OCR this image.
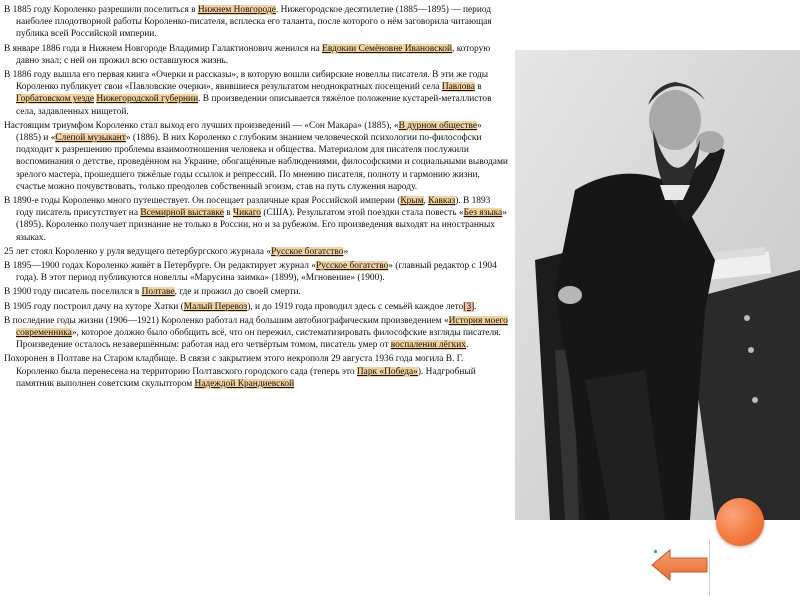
В 1885 году Короленко разрешили поселиться в Нижнем Новгороде. Нижегородское десятилетие (1885—1895) — период наиболее плодотворной работы Короленко-писателя, всплеска его таланта, после которого о нём заговорила читающая публика всей Российской империи.

В январе 1886 года в Нижнем Новгороде Владимир Галактионович женился на Евдокии Семёновне Ивановской, которую давно знал; с ней он прожил всю оставшуюся жизнь.

В 1886 году вышла его первая книга «Очерки и рассказы», в которую вошли сибирские новеллы писателя. В эти же годы Короленко публикует свои «Павловские очерки», явившиеся результатом неоднократных посещений села Павлова в Горбатовском уезде Нижегородской губернии. В произведении описывается тяжёлое положение кустарей-металлистов села, задавленных нищетой.

Настоящим триумфом Короленко стал выход его лучших произведений — «Сон Макара» (1885), «В дурном обществе» (1885) и «Слепой музыкант» (1886). В них Короленко с глубоким знанием человеческой психологии по-философски подходит к разрешению проблемы взаимоотношения человека и общества. Материалом для писателя послужили воспоминания о детстве, проведённом на Украине, обогащённые наблюдениями, философскими и социальными выводами зрелого мастера, прошедшего тяжёлые годы ссылок и репрессий. По мнению писателя, полноту и гармонию жизни, счастье можно почувствовать, только преодолев собственный эгоизм, став на путь служения народу.

В 1890-е годы Короленко много путешествует. Он посещает различные края Российской империи (Крым, Кавказ). В 1893 году писатель присутствует на Всемирной выставке в Чикаго (США). Результатом этой поездки стала повесть «Без языка» (1895). Короленко получает признание не только в России, но и за рубежом. Его произведения выходят на иностранных языках.

25 лет стоял Короленко у руля ведущего петербургского журнала «Русское богатство»

В 1895—1900 годах Короленко живёт в Петербурге. Он редактирует журнал «Русское богатство» (главный редактор с 1904 года). В этот период публикуются новеллы «Марусина заимка» (1899), «Мгновение» (1900).

В 1900 году писатель поселился в Полтаве, где и прожил до своей смерти.

В 1905 году построил дачу на хуторе Хатки (Малый Перевоз), и до 1919 года проводил здесь с семьёй каждое лето[3].

В последние годы жизни (1906—1921) Короленко работал над большим автобиографическим произведением «История моего современника», которое должно было обобщить всё, что он пережил, систематизировать философские взгляды писателя. Произведение осталось незавершённым: работая над его четвёртым томом, писатель умер от воспаления лёгких.

Похоронен в Полтаве на Старом кладбище. В связи с закрытием этого некрополя 29 августа 1936 года могила В. Г. Короленко была перенесена на территорию Полтавского городского сада (теперь это Парк «Победа»). Надгробный памятник выполнен советским скульптором Надеждой Крандиевской
